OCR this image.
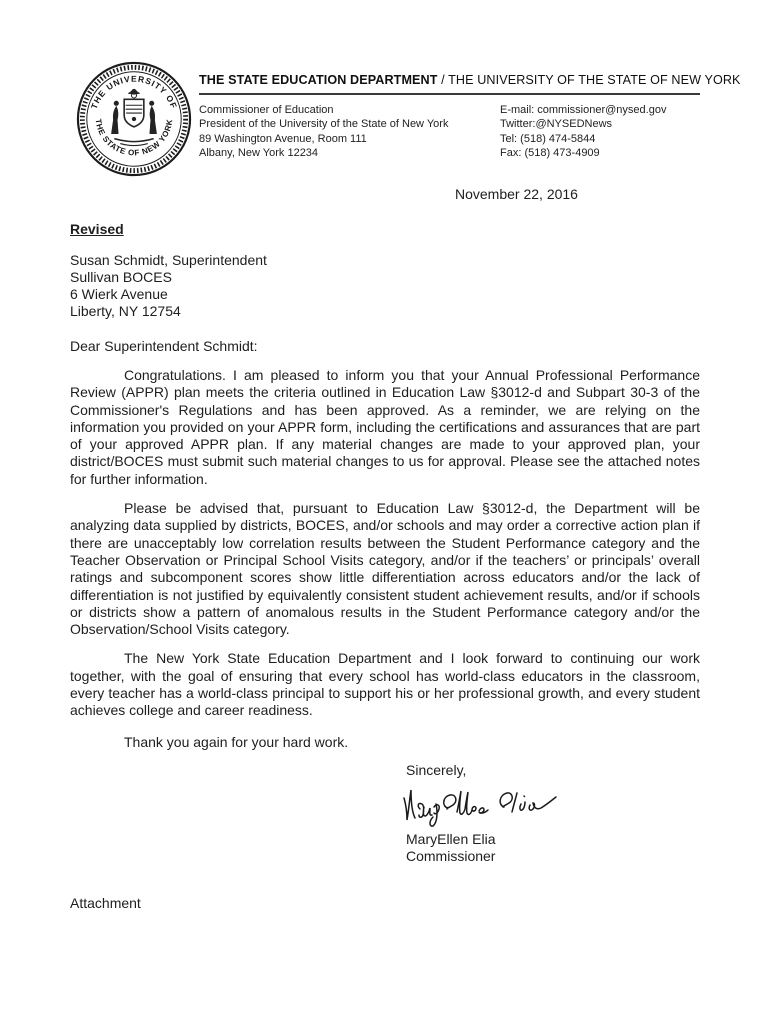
THE UNIVERSITY OF
THE STATE OF NEW YORK
THE STATE EDUCATION DEPARTMENT / THE UNIVERSITY OF THE STATE OF NEW YORK
Commissioner of Education
President of the University of the State of New York
89 Washington Avenue, Room 111
Albany, New York 12234
E-mail: commissioner@nysed.gov
Twitter:@NYSEDNews
Tel: (518) 474-5844
Fax: (518) 473-4909
November 22, 2016
Revised
Susan Schmidt, Superintendent
Sullivan BOCES
6 Wierk Avenue
Liberty, NY 12754

Dear Superintendent Schmidt:

Congratulations. I am pleased to inform you that your Annual Professional Performance Review (APPR) plan meets the criteria outlined in Education Law §3012-d and Subpart 30-3 of the Commissioner's Regulations and has been approved. As a reminder, we are relying on the information you provided on your APPR form, including the certifications and assurances that are part of your approved APPR plan. If any material changes are made to your approved plan, your district/BOCES must submit such material changes to us for approval. Please see the attached notes for further information.

Please be advised that, pursuant to Education Law §3012-d, the Department will be analyzing data supplied by districts, BOCES, and/or schools and may order a corrective action plan if there are unacceptably low correlation results between the Student Performance category and the Teacher Observation or Principal School Visits category, and/or if the teachers’ or principals’ overall ratings and subcomponent scores show little differentiation across educators and/or the lack of differentiation is not justified by equivalently consistent student achievement results, and/or if schools or districts show a pattern of anomalous results in the Student Performance category and/or the Observation/School Visits category.

The New York State Education Department and I look forward to continuing our work together, with the goal of ensuring that every school has world-class educators in the classroom, every teacher has a world-class principal to support his or her professional growth, and every student achieves college and career readiness.

Thank you again for your hard work.
Sincerely,
MaryEllen Elia
Commissioner
Attachment
